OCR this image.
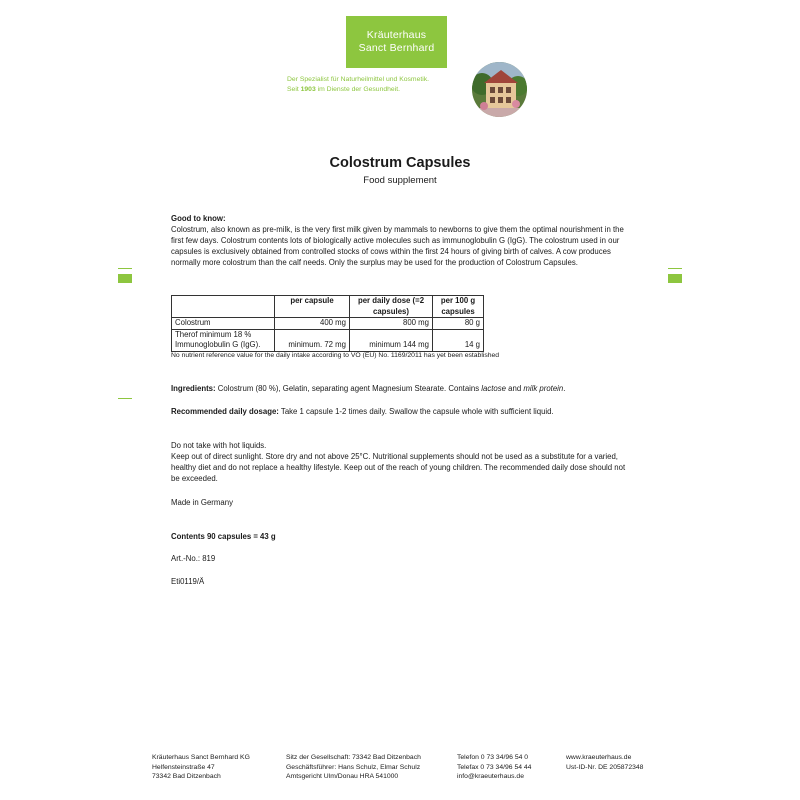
Kräuterhaus
Sanct Bernhard
Der Spezialist für Naturheilmittel und Kosmetik.
Seit 1903 im Dienste der Gesundheit.
Colostrum Capsules
Food supplement

Good to know:

Colostrum, also known as pre-milk, is the very first milk given by mammals to newborns to give them the optimal nourishment in the first few days. Colostrum contents lots of biologically active molecules such as immunoglobulin G (IgG). The colostrum used in our capsules is exclusively obtained from controlled stocks of cows within the first 24 hours of giving birth of calves. A cow produces normally more colostrum than the calf needs. Only the surplus may be used for the production of Colostrum Capsules.

	per capsule	per daily dose (=2 capsules)	per 100 g capsules
Colostrum	400 mg	800 mg	80 g
Therof minimum 18 % Immunoglobulin G (IgG).	minimum. 72 mg	minimum 144 mg	14 g
No nutrient reference value for the daily intake according to VO (EU) No. 1169/2011 has yet been established

Ingredients: Colostrum (80 %), Gelatin, separating agent Magnesium Stearate. Contains lactose and milk protein.

Recommended daily dosage: Take 1 capsule 1-2 times daily. Swallow the capsule whole with sufficient liquid.

Do not take with hot liquids.

Keep out of direct sunlight. Store dry and not above 25°C. Nutritional supplements should not be used as a substitute for a varied, healthy diet and do not replace a healthy lifestyle. Keep out of the reach of young children. The recommended daily dose should not be exceeded.

Made in Germany
Contents 90 capsules = 43 g
Art.-No.: 819
Eti0119/Ä
Kräuterhaus Sanct Bernhard KG
Helfensteinstraße 47
73342 Bad Ditzenbach
Sitz der Gesellschaft: 73342 Bad Ditzenbach
Geschäftsführer: Hans Schulz, Elmar Schulz
Amtsgericht Ulm/Donau HRA 541000
Telefon 0 73 34/96 54 0
Telefax 0 73 34/96 54 44
info@kraeuterhaus.de
www.kraeuterhaus.de
Ust-ID-Nr. DE 205872348
